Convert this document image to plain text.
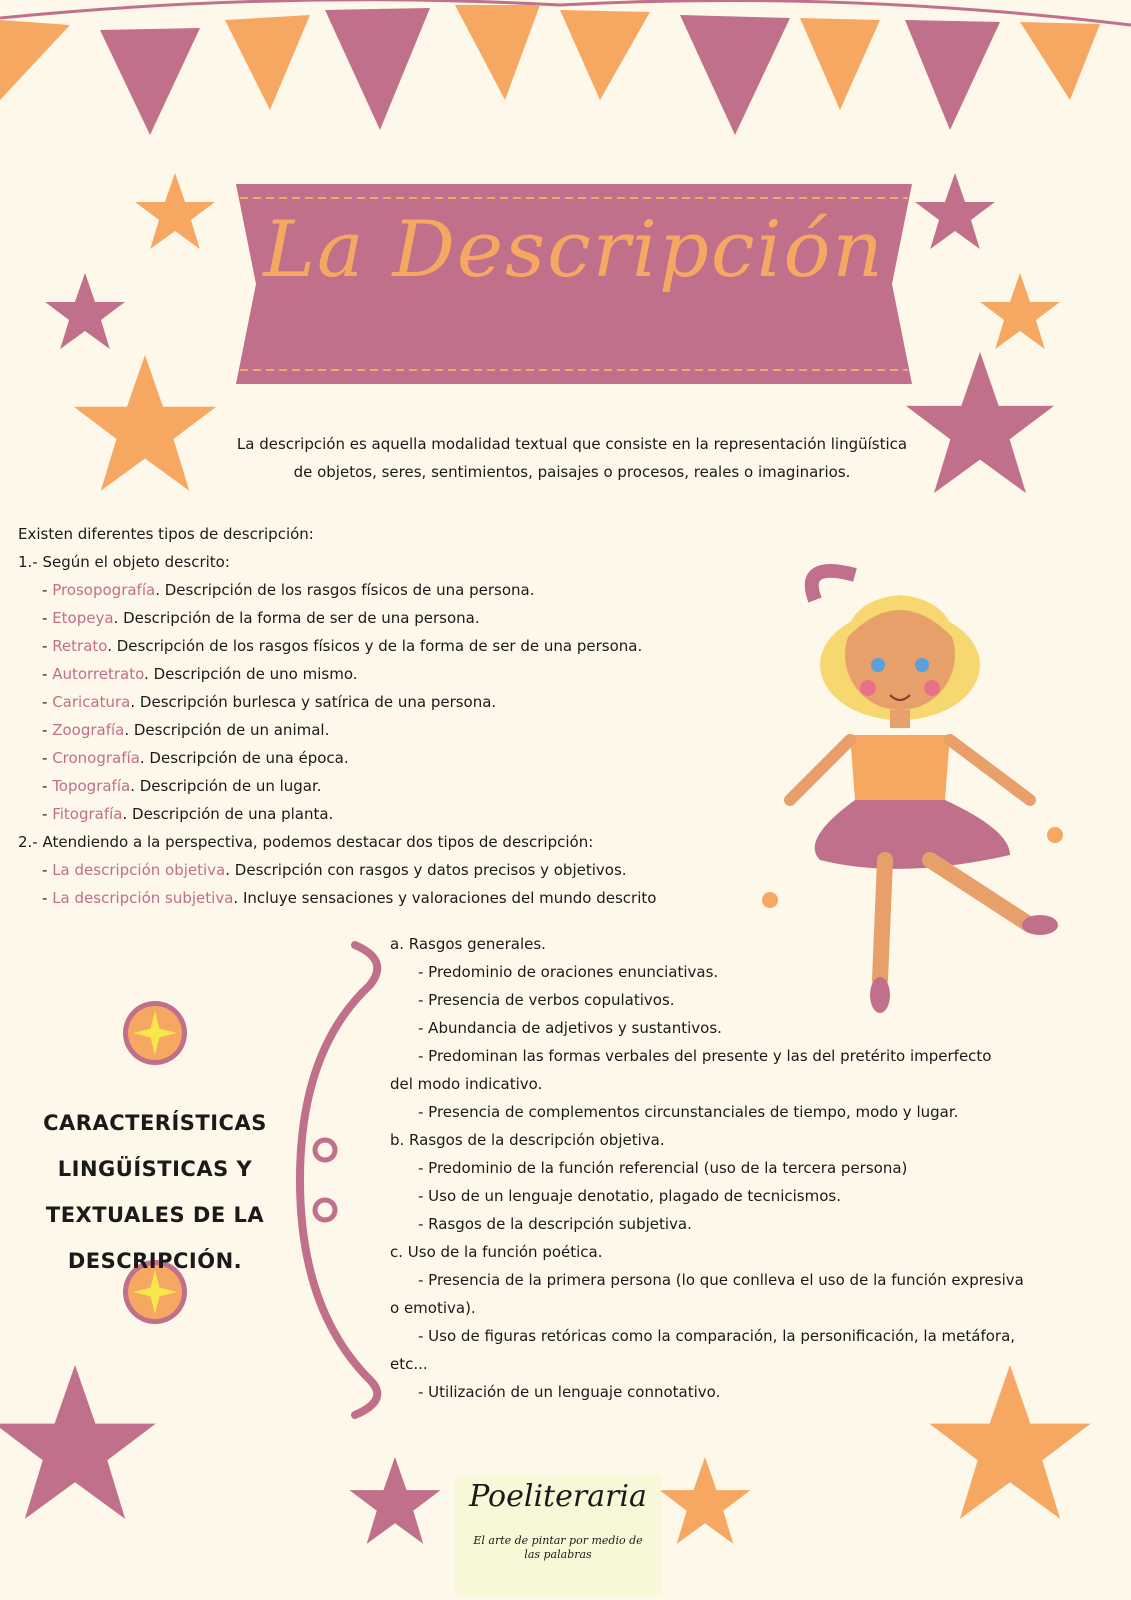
La Descripción

La descripción es aquella modalidad textual que consiste en la representación lingüística de objetos, seres, sentimientos, paisajes o procesos, reales o imaginarios.

Existen diferentes tipos de descripción:
1.- Según el objeto descrito:
- Prosopografía. Descripción de los rasgos físicos de una persona.
- Etopeya. Descripción de la forma de ser de una persona.
- Retrato. Descripción de los rasgos físicos y de la forma de ser de una persona.
- Autorretrato. Descripción de uno mismo.
- Caricatura. Descripción burlesca y satírica de una persona.
- Zoografía. Descripción de un animal.
- Cronografía. Descripción de una época.
- Topografía. Descripción de un lugar.
- Fitografía. Descripción de una planta.
2.- Atendiendo a la perspectiva, podemos destacar dos tipos de descripción:
- La descripción objetiva. Descripción con rasgos y datos precisos y objetivos.
- La descripción subjetiva. Incluye sensaciones y valoraciones del mundo descrito
CARACTERÍSTICAS
LINGÜÍSTICAS Y
TEXTUALES DE LA
DESCRIPCIÓN.
a. Rasgos generales.
- Predominio de oraciones enunciativas.
- Presencia de verbos copulativos.
- Abundancia de adjetivos y sustantivos.
- Predominan las formas verbales del presente y las del pretérito imperfecto
del modo indicativo.
- Presencia de complementos circunstanciales de tiempo, modo y lugar.
b. Rasgos de la descripción objetiva.
- Predominio de la función referencial (uso de la tercera persona)
- Uso de un lenguaje denotatio, plagado de tecnicismos.
- Rasgos de la descripción subjetiva.
c. Uso de la función poética.
- Presencia de la primera persona (lo que conlleva el uso de la función expresiva
o emotiva).
- Uso de figuras retóricas como la comparación, la personificación, la metáfora,
etc...
- Utilización de un lenguaje connotativo.
Poeliteraria
El arte de pintar por medio de
las palabras
